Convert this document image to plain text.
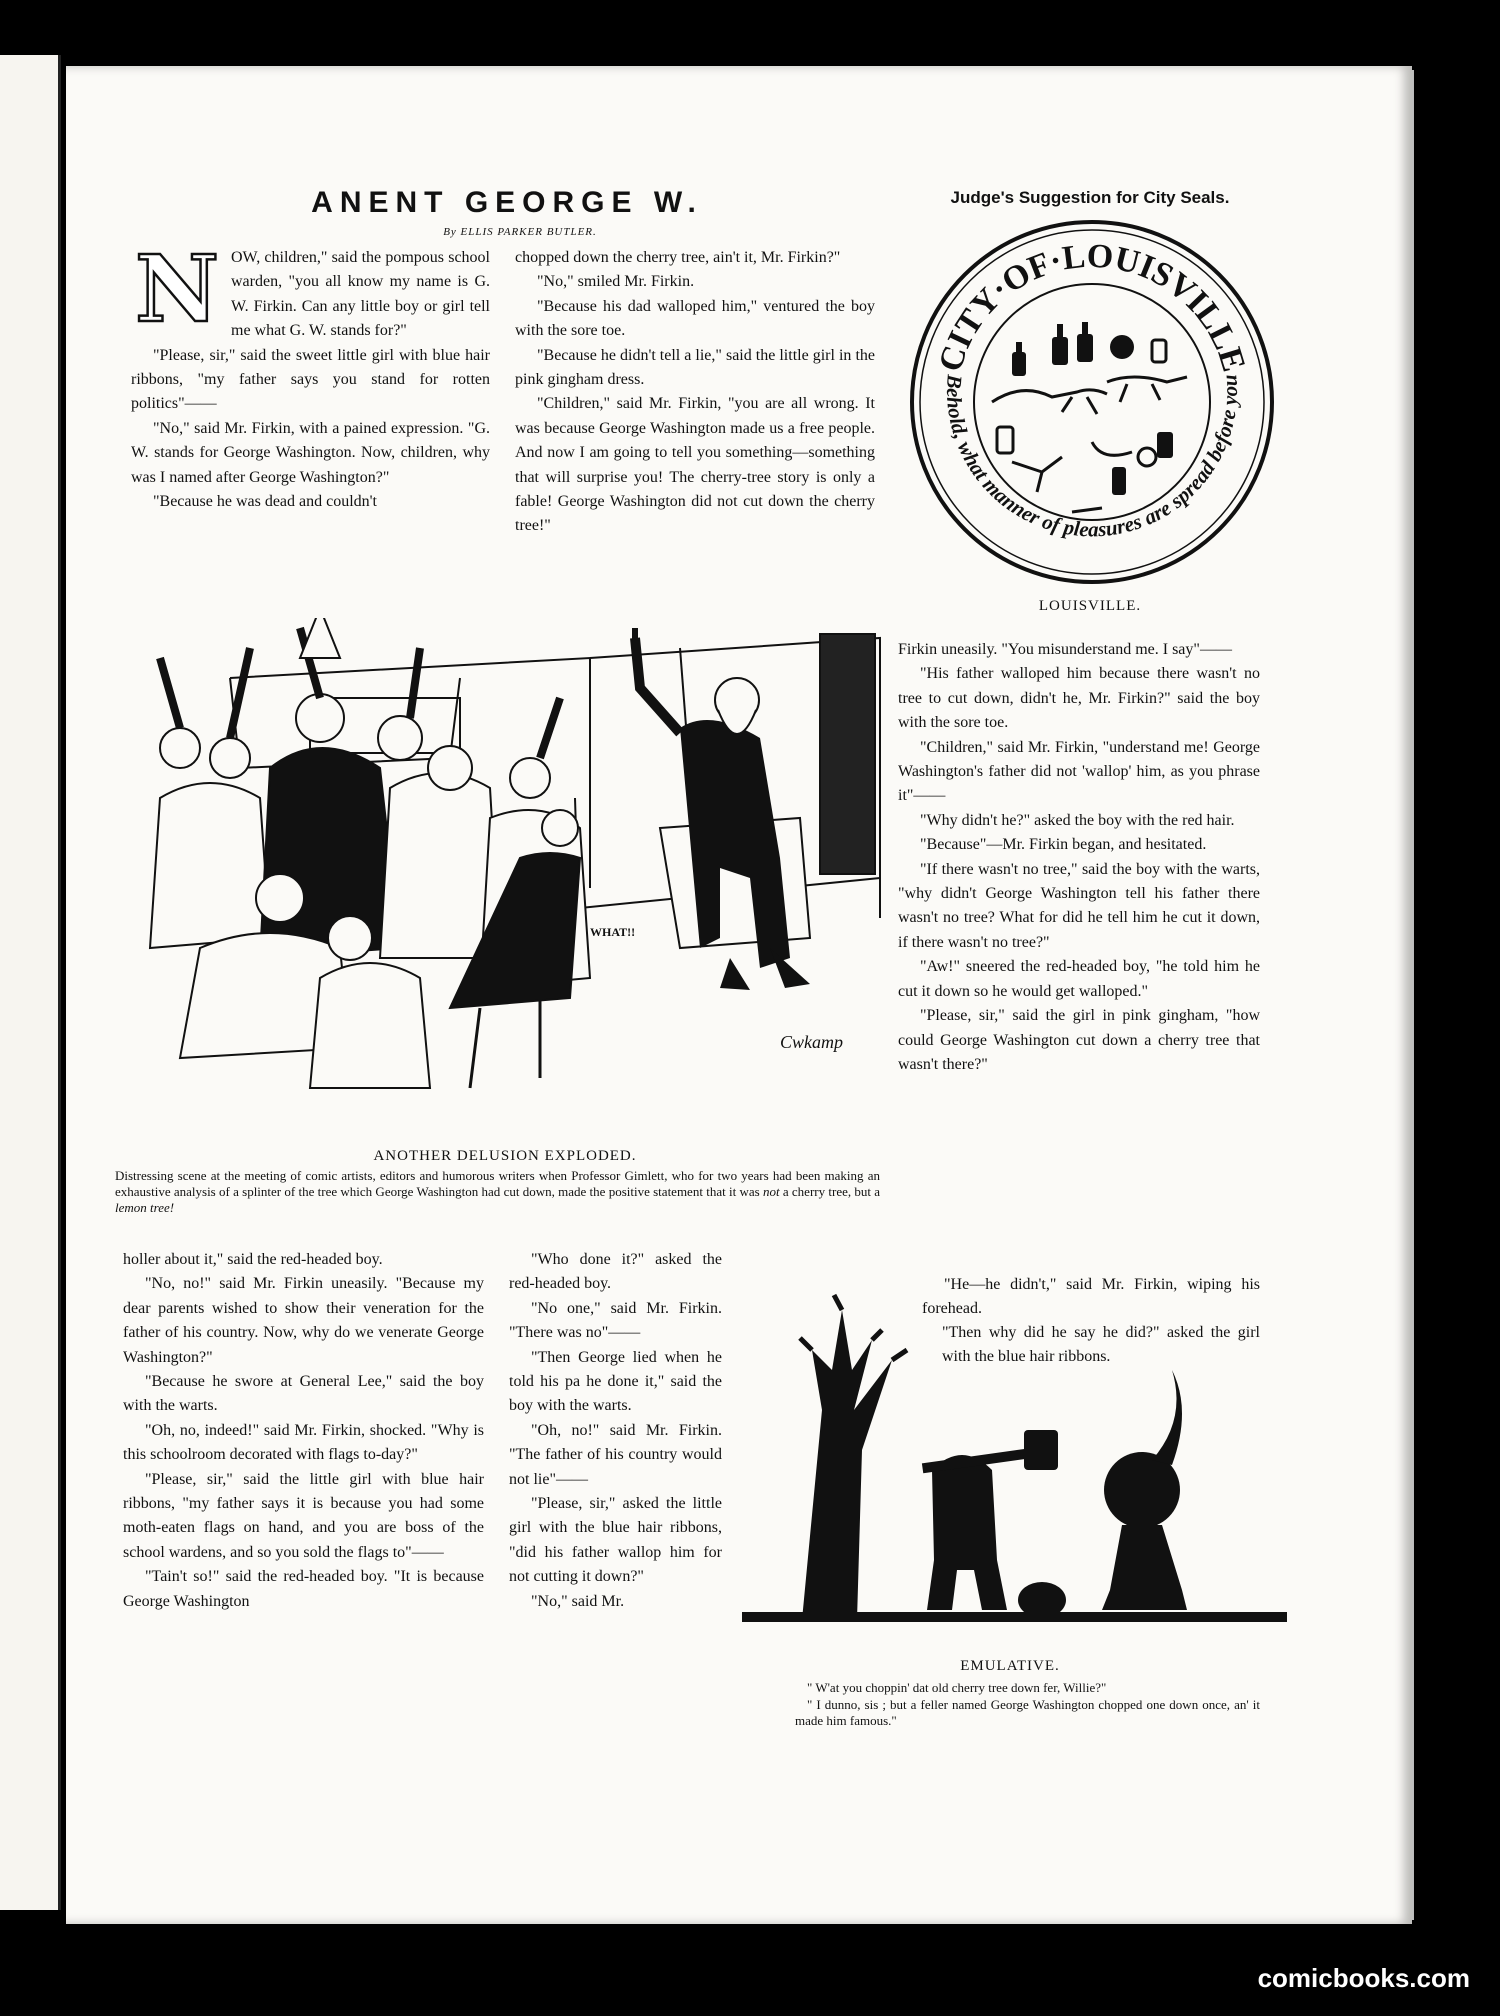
ANENT GEORGE W.
By ELLIS PARKER BUTLER.

NOW, children," said the pompous school warden, "you all know my name is G. W. Firkin. Can any little boy or girl tell me what G. W. stands for?"

"Please, sir," said the sweet little girl with blue hair ribbons, "my father says you stand for rotten politics"——

"No," said Mr. Firkin, with a pained expression. "G. W. stands for George Washington. Now, children, why was I named after George Washington?"

"Because he was dead and couldn't

chopped down the cherry tree, ain't it, Mr. Firkin?"

"No," smiled Mr. Firkin.

"Because his dad walloped him," ventured the boy with the sore toe.

"Because he didn't tell a lie," said the little girl in the pink gingham dress.

"Children," said Mr. Firkin, "you are all wrong. It was because George Washington made us a free people. And now I am going to tell you something—something that will surprise you! The cherry-tree story is only a fable! George Washington did not cut down the cherry tree!"

Judge's Suggestion for City Seals.
CITY·OF·LOUISVILLE
Behold, what manner of pleasures are spread before you
LOUISVILLE.
WHAT!!
Cwkamp
ANOTHER DELUSION EXPLODED.
Distressing scene at the meeting of comic artists, editors and humorous writers when Professor Gimlett, who for two years had been making an exhaustive analysis of a splinter of the tree which George Washington had cut down, made the positive statement that it was not a cherry tree, but a lemon tree!

Firkin uneasily. "You misunderstand me. I say"——

"His father walloped him because there wasn't no tree to cut down, didn't he, Mr. Firkin?" said the boy with the sore toe.

"Children," said Mr. Firkin, "understand me! George Washington's father did not 'wallop' him, as you phrase it"——

"Why didn't he?" asked the boy with the red hair.

"Because"—Mr. Firkin began, and hesitated.

"If there wasn't no tree," said the boy with the warts, "why didn't George Washington tell his father there wasn't no tree? What for did he tell him he cut it down, if there wasn't no tree?"

"Aw!" sneered the red-headed boy, "he told him he cut it down so he would get walloped."

"Please, sir," said the girl in pink gingham, "how could George Washington cut down a cherry tree that wasn't there?"

"He—he didn't," said Mr. Firkin, wiping his forehead.

"Then why did he say he did?" asked the girl with the blue hair ribbons.

holler about it," said the red-headed boy.

"No, no!" said Mr. Firkin uneasily. "Because my dear parents wished to show their veneration for the father of his country. Now, why do we venerate George Washington?"

"Because he swore at General Lee," said the boy with the warts.

"Oh, no, indeed!" said Mr. Firkin, shocked. "Why is this schoolroom decorated with flags to-day?"

"Please, sir," said the little girl with blue hair ribbons, "my father says it is because you had some moth-eaten flags on hand, and you are boss of the school wardens, and so you sold the flags to"——

"Tain't so!" said the red-headed boy. "It is because George Washington

"Who done it?" asked the red-headed boy.

"No one," said Mr. Firkin. "There was no"——

"Then George lied when he told his pa he done it," said the boy with the warts.

"Oh, no!" said Mr. Firkin. "The father of his country would not lie"——

"Please, sir," asked the little girl with the blue hair ribbons, "did his father wallop him for not cutting it down?"

"No," said Mr.

EMULATIVE.
" W'at you choppin' dat old cherry tree down fer, Willie?"
" I dunno, sis ; but a feller named George Washington chopped one down once, an' it made him famous."
comicbooks.com
